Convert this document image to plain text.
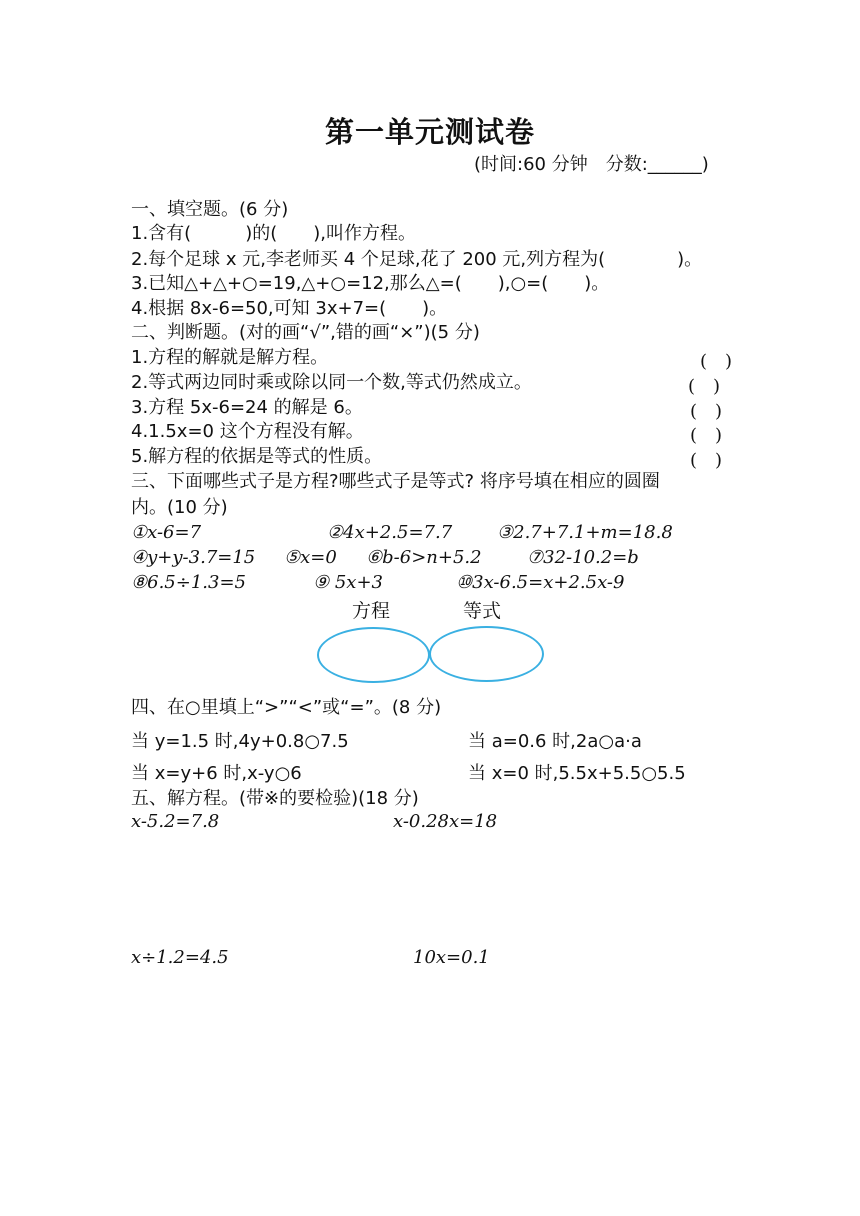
第一单元测试卷
(时间:60 分钟　分数:______)
一、填空题。(6 分)
1.含有(　　　)的(　　),叫作方程。
2.每个足球 x 元,李老师买 4 个足球,花了 200 元,列方程为(　　　　)。
3.已知△+△+○=19,△+○=12,那么△=(　　),○=(　　)。
4.根据 8x-6=50,可知 3x+7=(　　)。
二、判断题。(对的画“√”,错的画“×”)(5 分)
1.方程的解就是解方程。	(　)
2.等式两边同时乘或除以同一个数,等式仍然成立。	(　)
3.方程 5x-6=24 的解是 6。	(　)
4.1.5x=0 这个方程没有解。	(　)
5.解方程的依据是等式的性质。	(　)
三、下面哪些式子是方程?哪些式子是等式? 将序号填在相应的圆圈
内。(10 分)
①x-6=7	②4x+2.5=7.7 ③2.7+7.1+m=18.8
④y+y-3.7=15 ⑤x=0 ⑥b-6>n+5.2	⑦32-10.2=b
⑧6.5÷1.3=5	⑨ 5x+3	⑩3x-6.5=x+2.5x-9
方程	等式
四、在○里填上“>”“<”或“=”。(8 分)
当 y=1.5 时,4y+0.8○7.5	当 a=0.6 时,2a○a·a
当 x=y+6 时,x-y○6	当 x=0 时,5.5x+5.5○5.5
五、解方程。(带※的要检验)(18 分)
x-5.2=7.8	x-0.28x=18
x÷1.2=4.5	10x=0.1
